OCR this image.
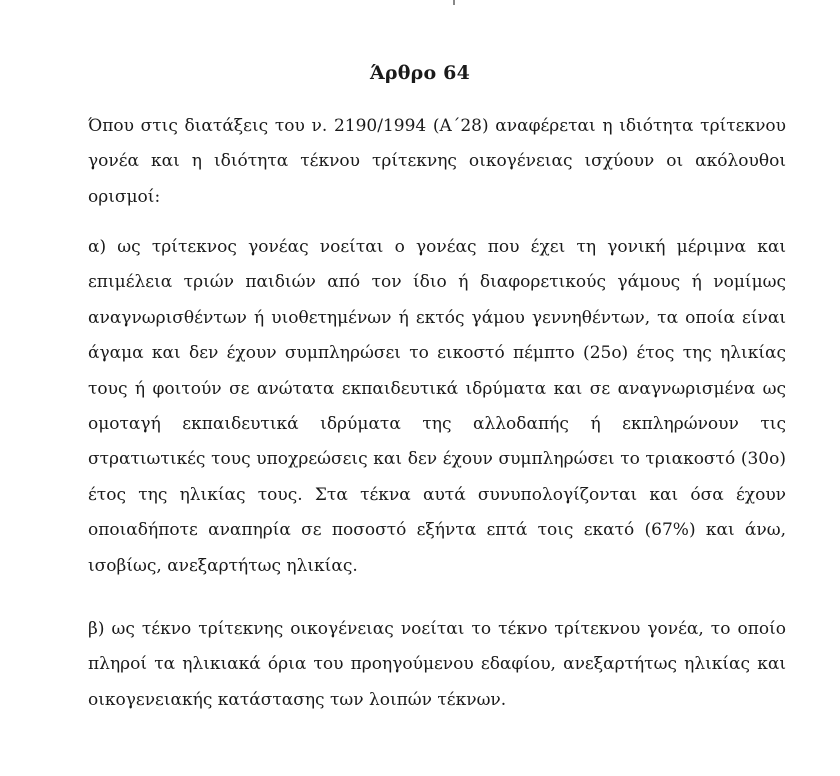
Άρθρο 64
Όπου στις διατάξεις του ν. 2190/1994 (Α΄28) αναφέρεται η ιδιότητα τρίτεκνου γονέα και η ιδιότητα τέκνου τρίτεκνης οικογένειας ισχύουν οι ακόλουθοι ορισμοί:
α) ως τρίτεκνος γονέας νοείται ο γονέας που έχει τη γονική μέριμνα και επιμέλεια τριών παιδιών από τον ίδιο ή διαφορετικούς γάμους ή νομίμως αναγνωρισθέντων ή υιοθετημένων ή εκτός γάμου γεννηθέντων, τα οποία είναι άγαμα και δεν έχουν συμπληρώσει το εικοστό πέμπτο (25ο) έτος της ηλικίας τους ή φοιτούν σε ανώτατα εκπαιδευτικά ιδρύματα και σε αναγνωρισμένα ως ομοταγή εκπαιδευτικά ιδρύματα της αλλοδαπής ή εκπληρώνουν τις στρατιωτικές τους υποχρεώσεις και δεν έχουν συμπληρώσει το τριακοστό (30ο) έτος της ηλικίας τους. Στα τέκνα αυτά συνυπολογίζονται και όσα έχουν οποιαδήποτε αναπηρία σε ποσοστό εξήντα επτά τοις εκατό (67%) και άνω, ισοβίως, ανεξαρτήτως ηλικίας.
β) ως τέκνο τρίτεκνης οικογένειας νοείται το τέκνο τρίτεκνου γονέα, το οποίο πληροί τα ηλικιακά όρια του προηγούμενου εδαφίου, ανεξαρτήτως ηλικίας και οικογενειακής κατάστασης των λοιπών τέκνων.
